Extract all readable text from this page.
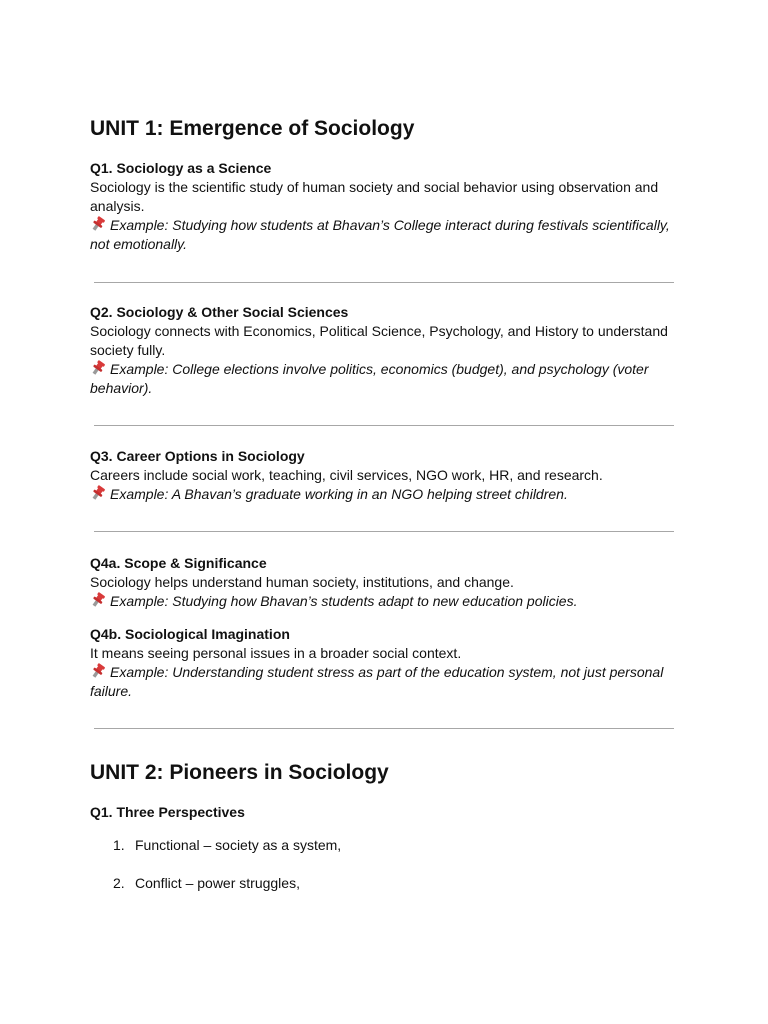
UNIT 1: Emergence of Sociology

Q1. Sociology as a Science

Sociology is the scientific study of human society and social behavior using observation and analysis.

Example: Studying how students at Bhavan’s College interact during festivals scientifically, not emotionally.

Q2. Sociology & Other Social Sciences

Sociology connects with Economics, Political Science, Psychology, and History to understand society fully.

Example: College elections involve politics, economics (budget), and psychology (voter behavior).

Q3. Career Options in Sociology

Careers include social work, teaching, civil services, NGO work, HR, and research.

Example: A Bhavan’s graduate working in an NGO helping street children.

Q4a. Scope & Significance

Sociology helps understand human society, institutions, and change.

Example: Studying how Bhavan’s students adapt to new education policies.

Q4b. Sociological Imagination

It means seeing personal issues in a broader social context.

Example: Understanding student stress as part of the education system, not just personal failure.

UNIT 2: Pioneers in Sociology

Q1. Three Perspectives

1. Functional – society as a system,
2. Conflict – power struggles,
